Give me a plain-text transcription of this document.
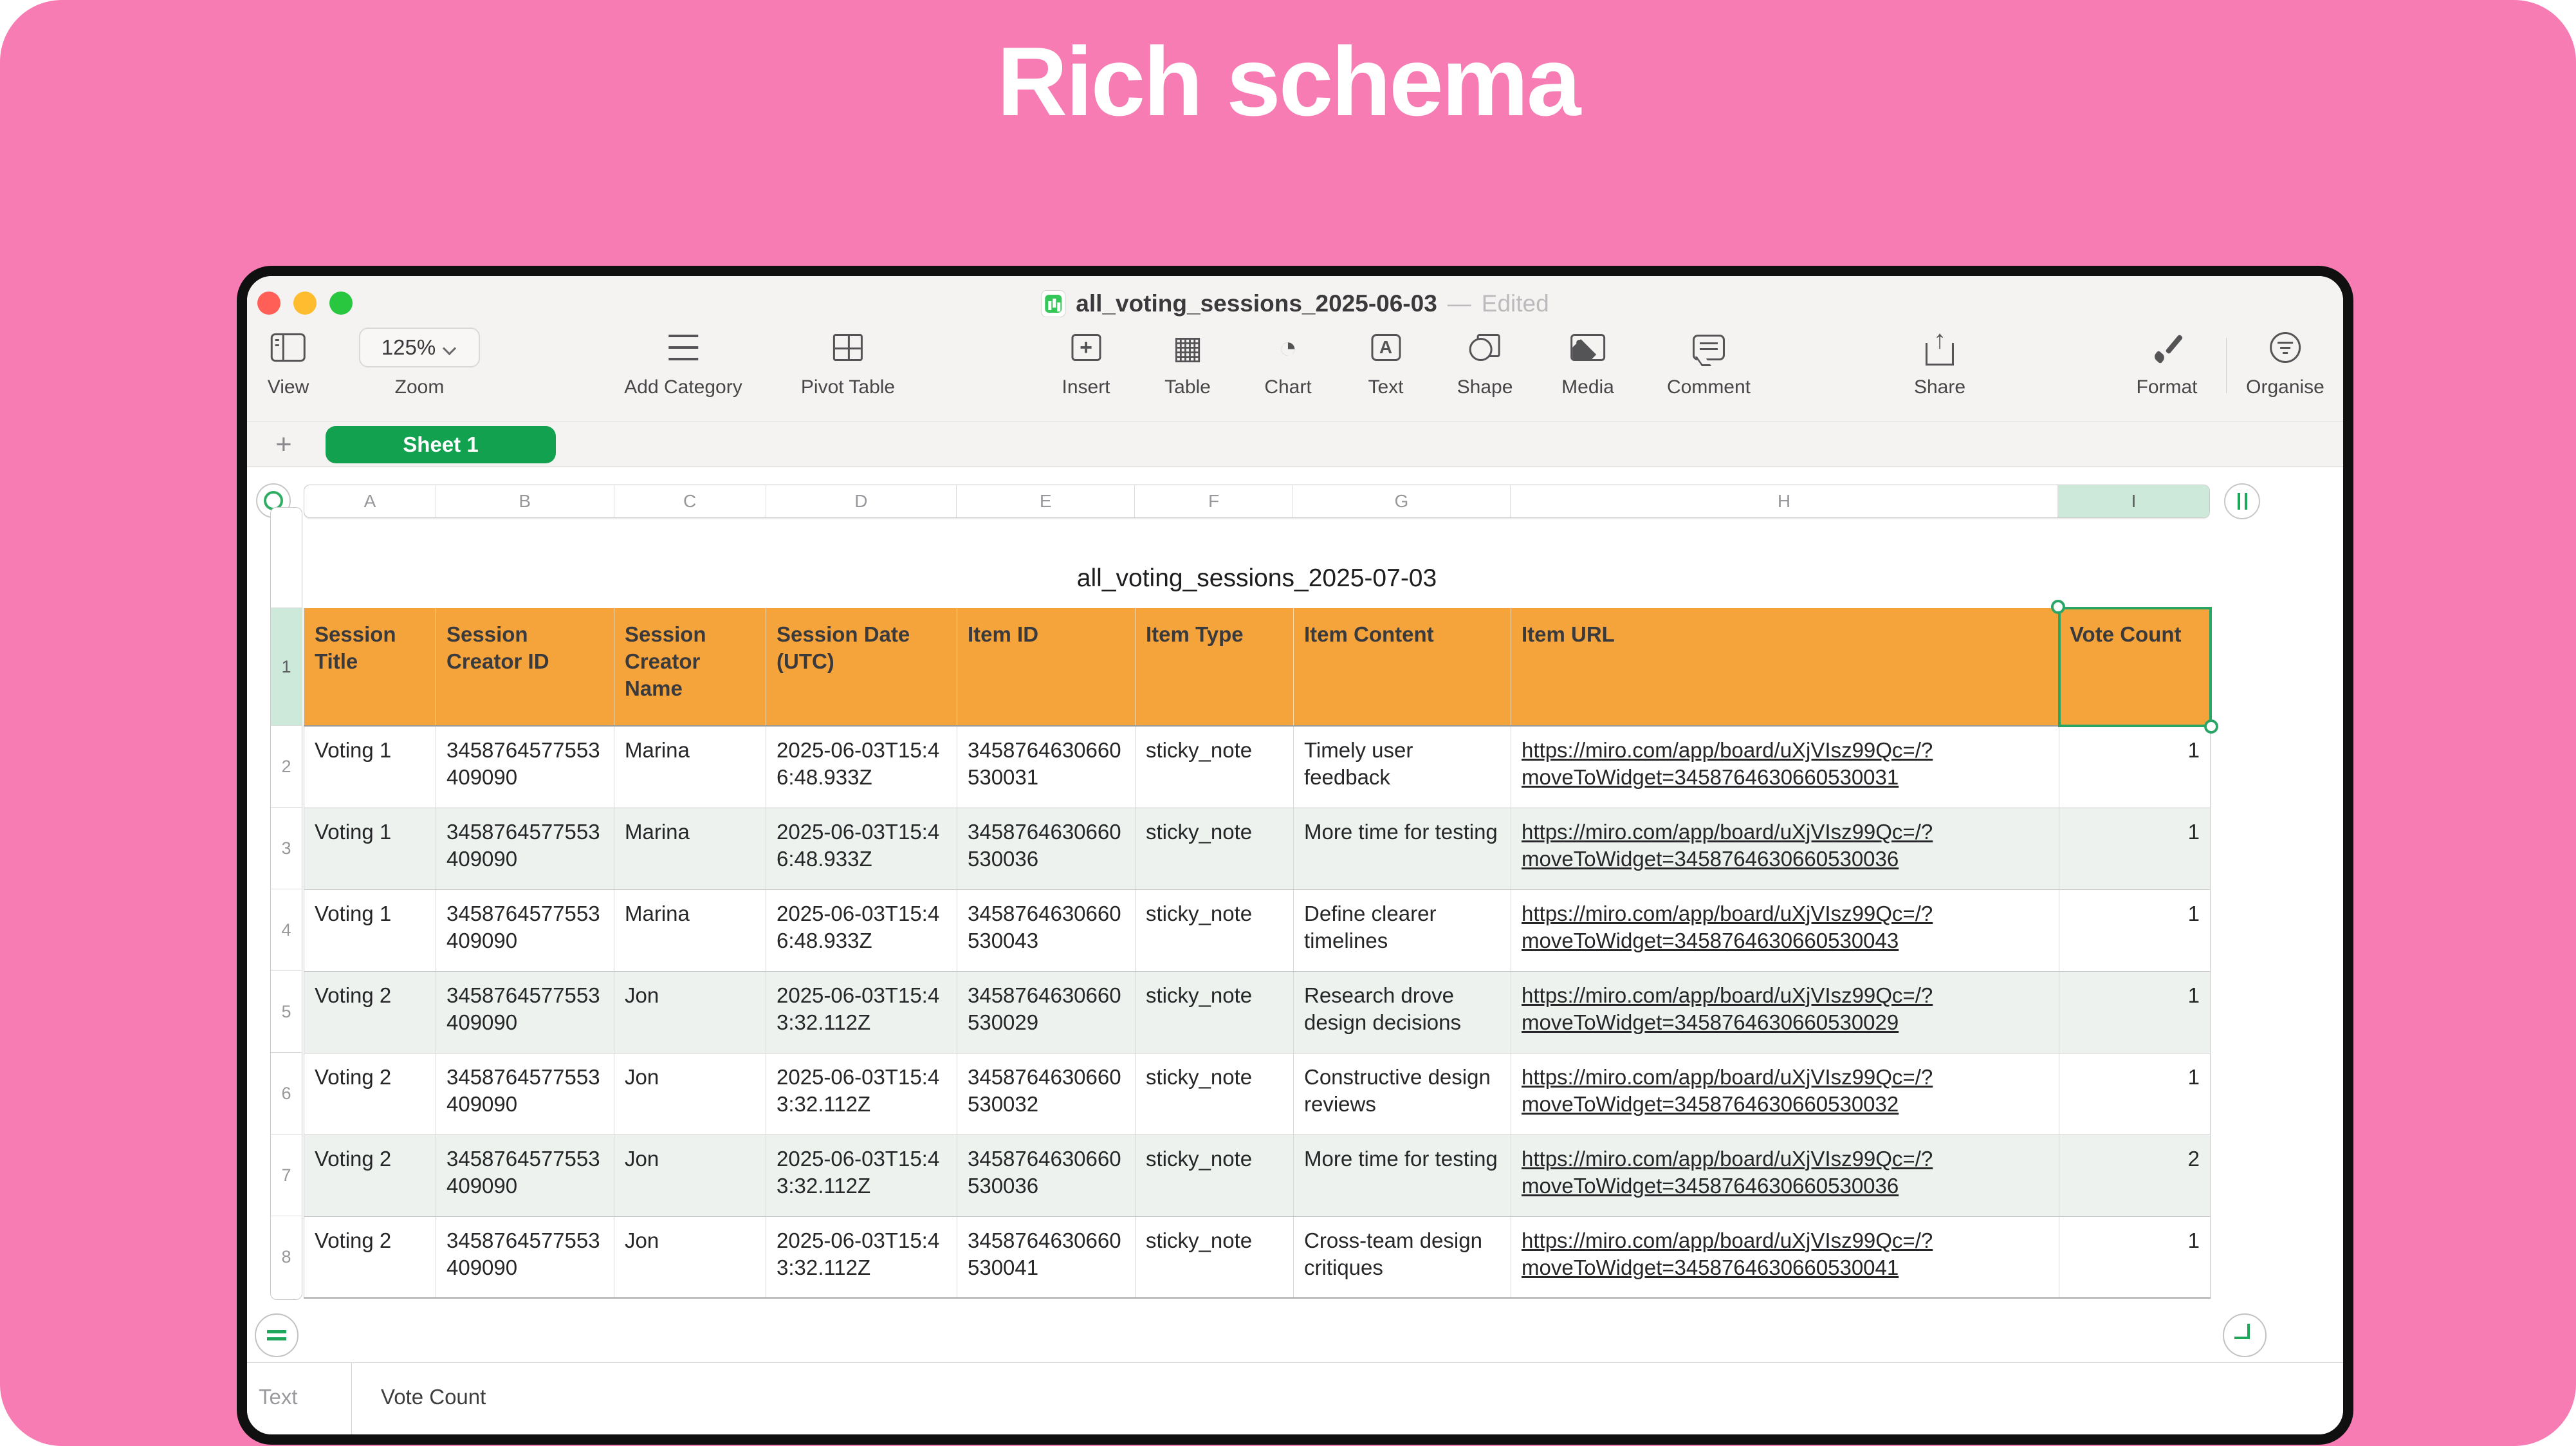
Rich schema
all_voting_sessions_2025-06-03 — Edited
View
125%
Zoom	Add Category	Pivot Table
+
Insert
▦
Table
◔
Chart
A
Text	Shape	Media	Comment
↑	Share	Format	Organise
+	Sheet 1
A	B	C	D	E	F	G	H	I
1
2
3
4
5
6
7
8
all_voting_sessions_2025-07-03
Session Title	Session Creator ID	Session Creator Name	Session Date (UTC)	Item ID	Item Type	Item Content	Item URL	Vote Count

Voting 1	3458764577553409090	Marina	2025-06-03T15:46:48.933Z	3458764630660530031	sticky_note	Timely user feedback	https://miro.com/app/board/uXjVIsz99Qc=/?moveToWidget=3458764630660530031	1
Voting 1	3458764577553409090	Marina	2025-06-03T15:46:48.933Z	3458764630660530036	sticky_note	More time for testing	https://miro.com/app/board/uXjVIsz99Qc=/?moveToWidget=3458764630660530036	1
Voting 1	3458764577553409090	Marina	2025-06-03T15:46:48.933Z	3458764630660530043	sticky_note	Define clearer timelines	https://miro.com/app/board/uXjVIsz99Qc=/?moveToWidget=3458764630660530043	1
Voting 2	3458764577553409090	Jon	2025-06-03T15:43:32.112Z	3458764630660530029	sticky_note	Research drove design decisions	https://miro.com/app/board/uXjVIsz99Qc=/?moveToWidget=3458764630660530029	1
Voting 2	3458764577553409090	Jon	2025-06-03T15:43:32.112Z	3458764630660530032	sticky_note	Constructive design reviews	https://miro.com/app/board/uXjVIsz99Qc=/?moveToWidget=3458764630660530032	1
Voting 2	3458764577553409090	Jon	2025-06-03T15:43:32.112Z	3458764630660530036	sticky_note	More time for testing	https://miro.com/app/board/uXjVIsz99Qc=/?moveToWidget=3458764630660530036	2
Voting 2	3458764577553409090	Jon	2025-06-03T15:43:32.112Z	3458764630660530041	sticky_note	Cross-team design critiques	https://miro.com/app/board/uXjVIsz99Qc=/?moveToWidget=3458764630660530041	1
Text	Vote Count
